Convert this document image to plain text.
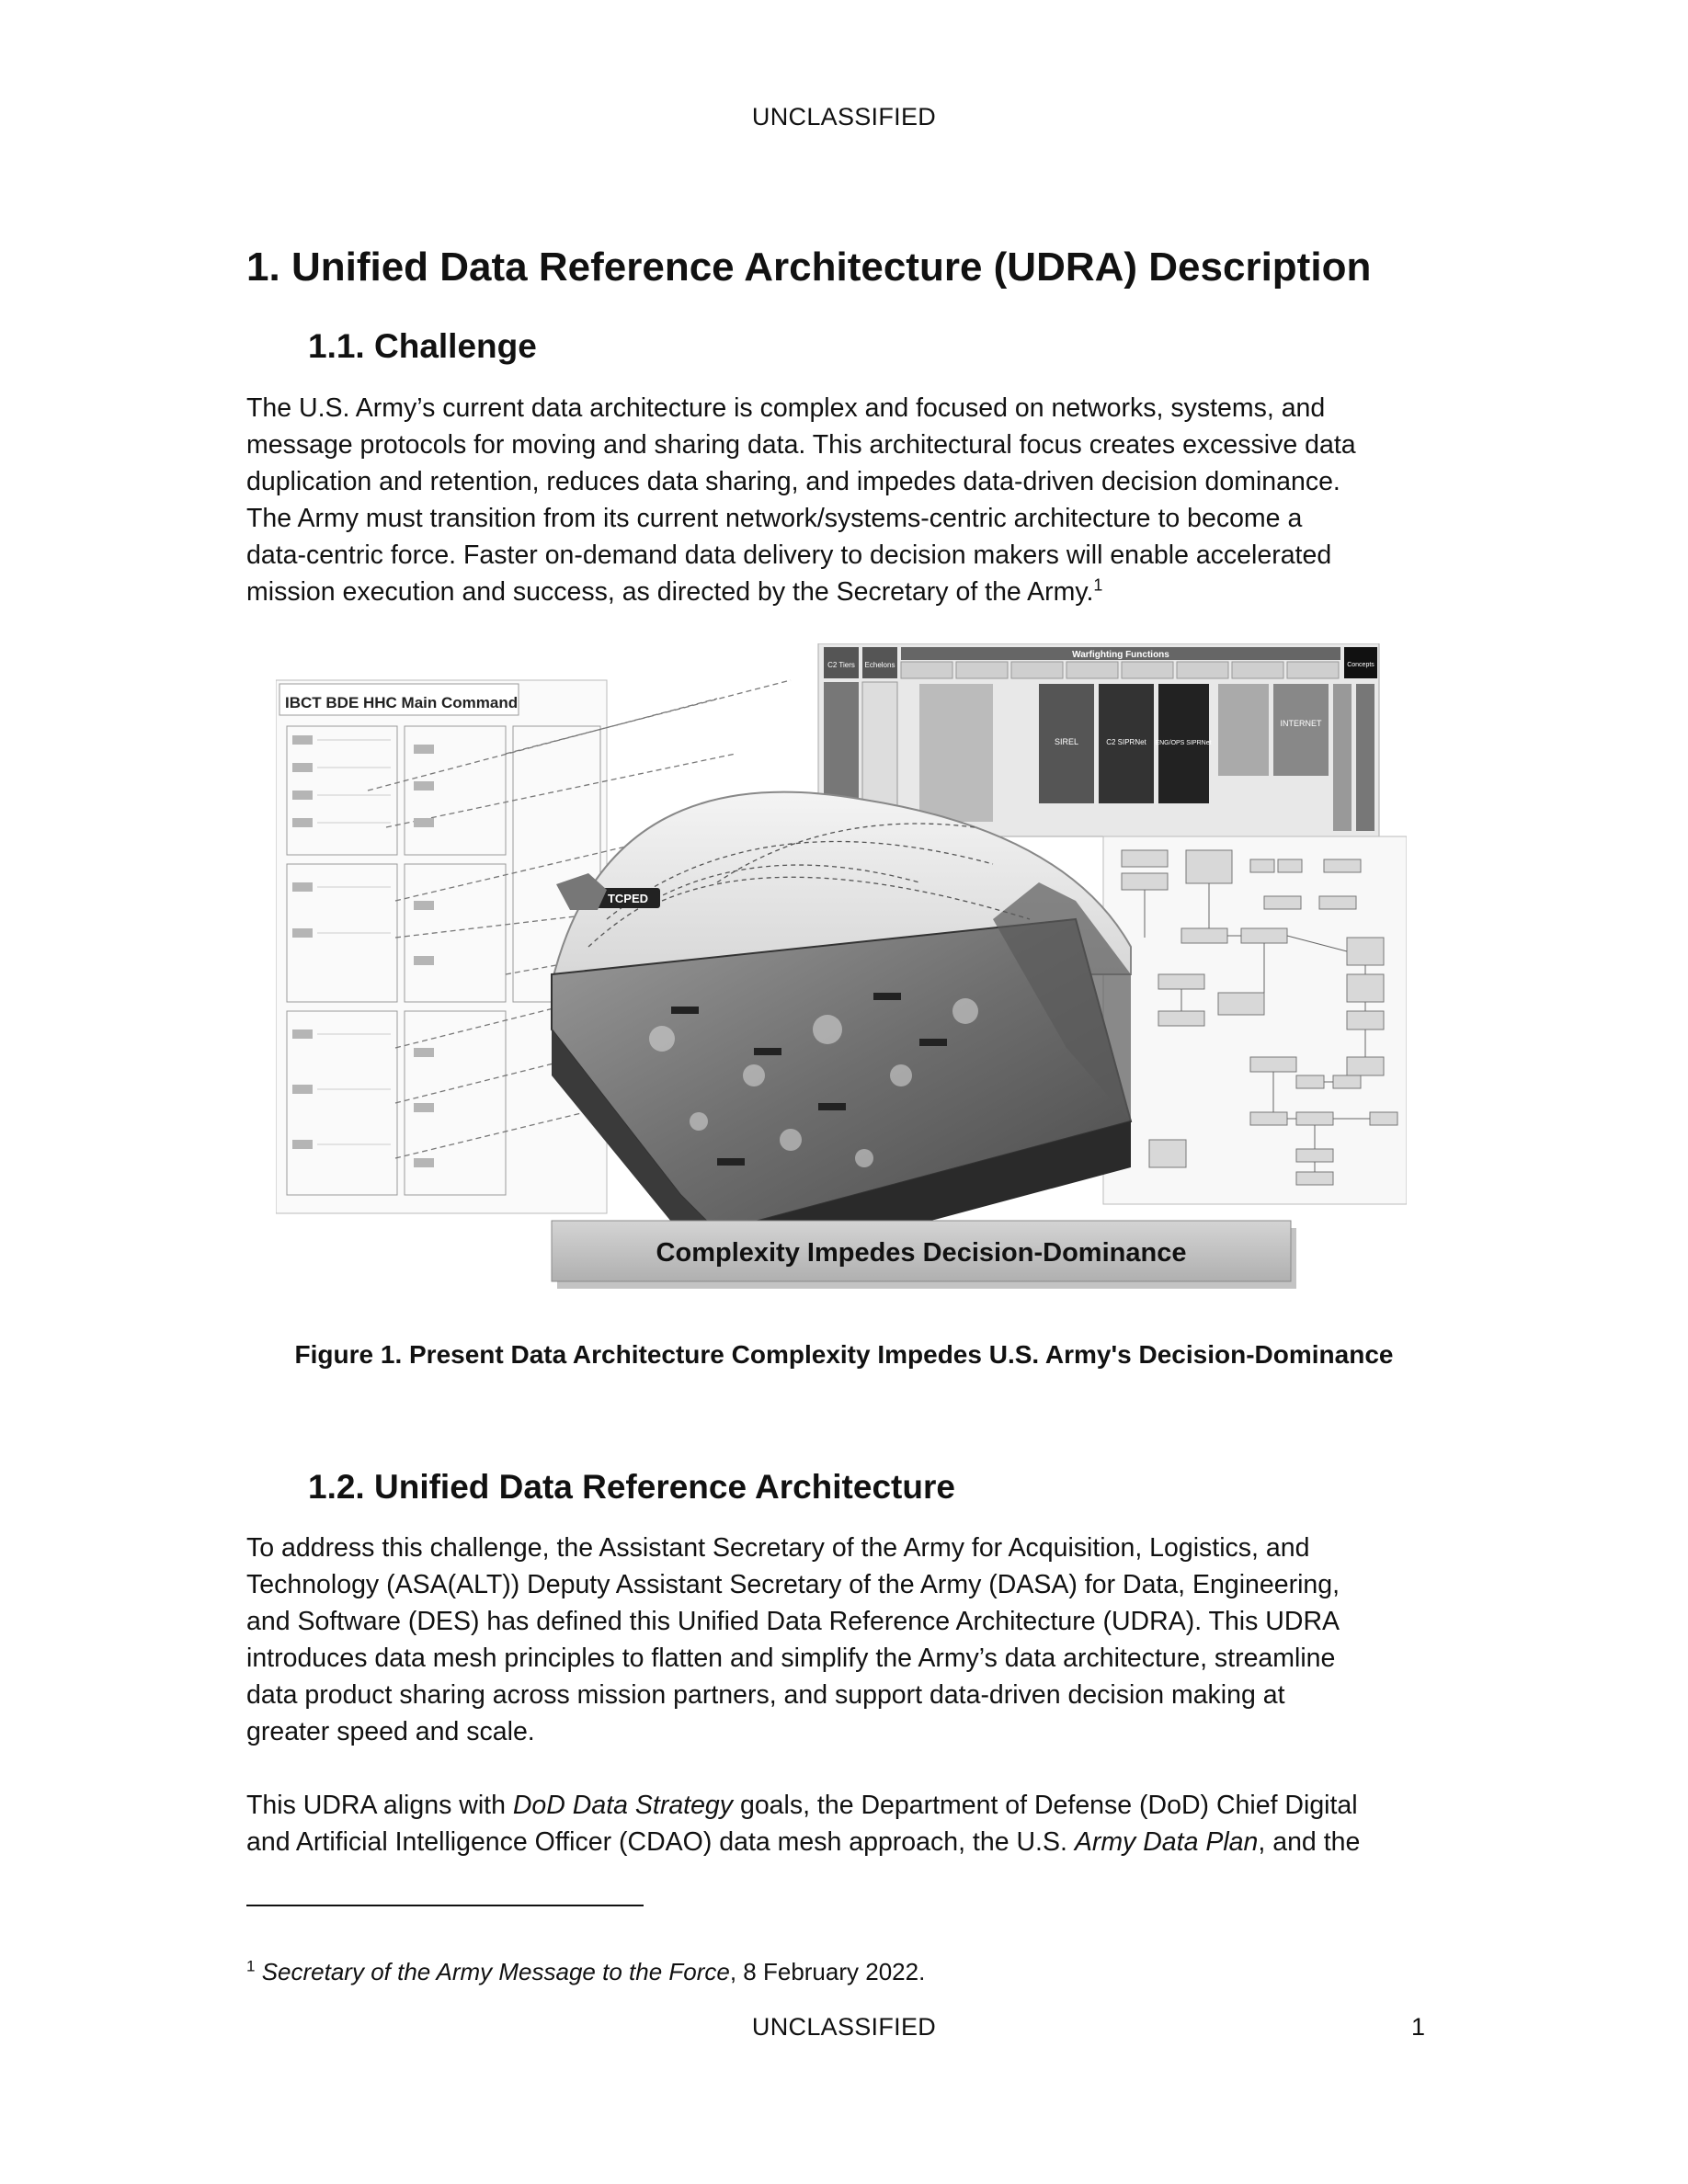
UNCLASSIFIED
1. Unified Data Reference Architecture (UDRA) Description
1.1. Challenge
The U.S. Army’s current data architecture is complex and focused on networks, systems, and
message protocols for moving and sharing data. This architectural focus creates excessive data
duplication and retention, reduces data sharing, and impedes data-driven decision dominance.
The Army must transition from its current network/systems-centric architecture to become a
data-centric force. Faster on-demand data delivery to decision makers will enable accelerated
mission execution and success, as directed by the Secretary of the Army.$^1$
IBCT BDE HHC Main Command
C2 Tiers Echelons
Warfighting Functions
Concepts
SIREL	C2 SIPRNet ENG/OPS SIPRNet
INTERNET
TCPED
Complexity Impedes Decision-Dominance
Figure 1. Present Data Architecture Complexity Impedes U.S. Army's Decision-Dominance
1.2. Unified Data Reference Architecture
To address this challenge, the Assistant Secretary of the Army for Acquisition, Logistics, and
Technology (ASA(ALT)) Deputy Assistant Secretary of the Army (DASA) for Data, Engineering,
and Software (DES) has defined this Unified Data Reference Architecture (UDRA). This UDRA
introduces data mesh principles to flatten and simplify the Army’s data architecture, streamline
data product sharing across mission partners, and support data-driven decision making at
greater speed and scale.
This UDRA aligns with DoD Data Strategy goals, the Department of Defense (DoD) Chief Digital
and Artificial Intelligence Officer (CDAO) data mesh approach, the U.S. Army Data Plan, and the
$^1$ Secretary of the Army Message to the Force, 8 February 2022.
UNCLASSIFIED	1
